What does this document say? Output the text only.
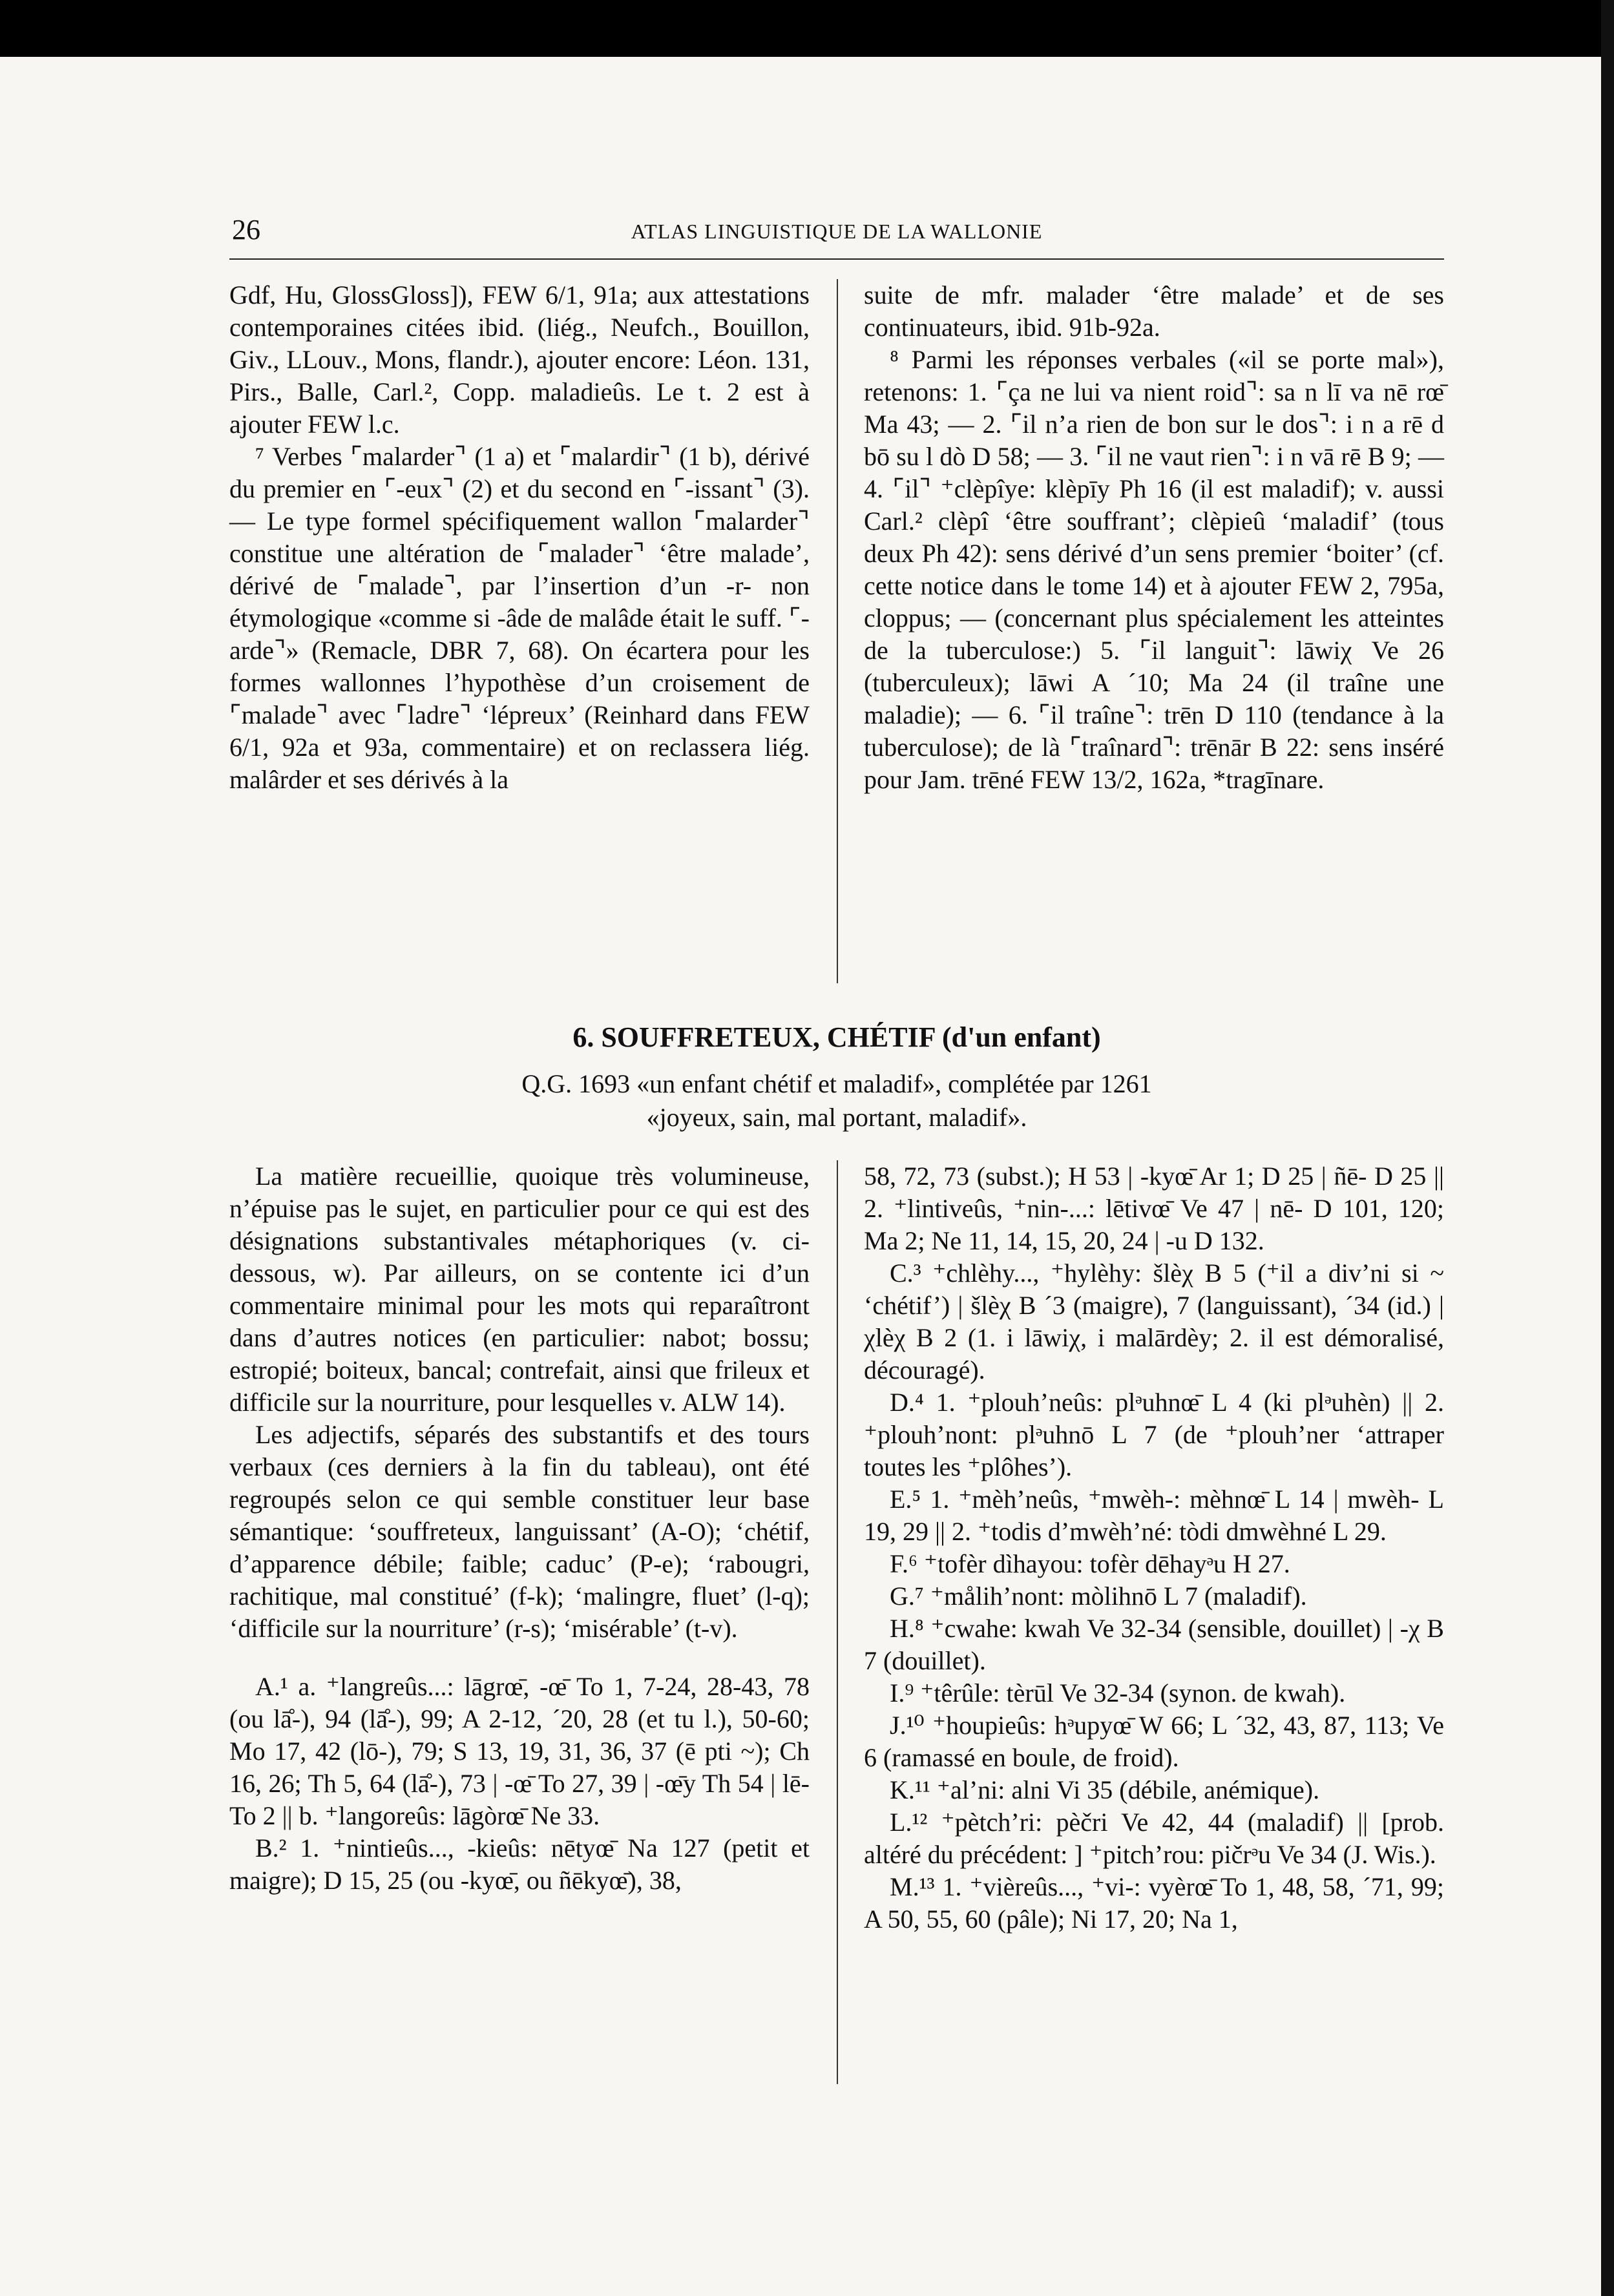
26	ATLAS LINGUISTIQUE DE LA WALLONIE

Gdf, Hu, GlossGloss]), FEW 6/1, 91a; aux attestations contemporaines citées ibid. (liég., Neufch., Bouillon, Giv., LLouv., Mons, flandr.), ajouter encore: Léon. 131, Pirs., Balle, Carl.², Copp. maladieûs. Le t. 2 est à ajouter FEW l.c.

⁷ Verbes ⌜malarder⌝ (1 a) et ⌜malardir⌝ (1 b), dérivé du premier en ⌜-eux⌝ (2) et du second en ⌜-issant⌝ (3). — Le type formel spécifiquement wallon ⌜malarder⌝ constitue une altération de ⌜malader⌝ ‘être malade’, dérivé de ⌜malade⌝, par l’insertion d’un -r- non étymologique «comme si -âde de malâde était le suff. ⌜-arde⌝» (Remacle, DBR 7, 68). On écartera pour les formes wallonnes l’hypothèse d’un croisement de ⌜malade⌝ avec ⌜ladre⌝ ‘lépreux’ (Reinhard dans FEW 6/1, 92a et 93a, commentaire) et on reclassera liég. malârder et ses dérivés à la

suite de mfr. malader ‘être malade’ et de ses continuateurs, ibid. 91b-92a.

⁸ Parmi les réponses verbales («il se porte mal»), retenons: 1. ⌜ça ne lui va nient roid⌝: sa n lī va nē rœ̄ Ma 43; — 2. ⌜il n’a rien de bon sur le dos⌝: i n a rē d bō su l dò D 58; — 3. ⌜il ne vaut rien⌝: i n vā rē B 9; — 4. ⌜il⌝ ⁺clèpîye: klèpīy Ph 16 (il est maladif); v. aussi Carl.² clèpî ‘être souffrant’; clèpieû ‘maladif’ (tous deux Ph 42): sens dérivé d’un sens premier ‘boiter’ (cf. cette notice dans le tome 14) et à ajouter FEW 2, 795a, cloppus; — (concernant plus spécialement les atteintes de la tuberculose:) 5. ⌜il languit⌝: lāwiχ Ve 26 (tuberculeux); lāwi A ´10; Ma 24 (il traîne une maladie); — 6. ⌜il traîne⌝: trēn D 110 (tendance à la tuberculose); de là ⌜traînard⌝: trēnār B 22: sens inséré pour Jam. trēné FEW 13/2, 162a, *tragīnare.

6. SOUFFRETEUX, CHÉTIF (d'un enfant)
Q.G. 1693 «un enfant chétif et maladif», complétée par 1261
«joyeux, sain, mal portant, maladif».

La matière recueillie, quoique très volumineuse, n’épuise pas le sujet, en particulier pour ce qui est des désignations substantivales métaphoriques (v. ci-dessous, w). Par ailleurs, on se contente ici d’un commentaire minimal pour les mots qui reparaîtront dans d’autres notices (en particulier: nabot; bossu; estropié; boiteux, bancal; contrefait, ainsi que frileux et difficile sur la nourriture, pour lesquelles v. ALW 14).

Les adjectifs, séparés des substantifs et des tours verbaux (ces derniers à la fin du tableau), ont été regroupés selon ce qui semble constituer leur base sémantique: ‘souffreteux, languissant’ (A-O); ‘chétif, d’apparence débile; faible; caduc’ (P-e); ‘rabougri, rachitique, mal constitué’ (f-k); ‘malingre, fluet’ (l-q); ‘difficile sur la nourriture’ (r-s); ‘misérable’ (t-v).

A.¹ a. ⁺langreûs...: lāgrœ̄, -œ̄ To 1, 7-24, 28-43, 78 (ou lā̊-), 94 (lā̊-), 99; A 2-12, ´20, 28 (et tu l.), 50-60; Mo 17, 42 (lō-), 79; S 13, 19, 31, 36, 37 (ē pti ~); Ch 16, 26; Th 5, 64 (lā̊-), 73 | -œ̄ To 27, 39 | -œ̄y Th 54 | lē- To 2 || b. ⁺langoreûs: lāgòrœ̄ Ne 33.

B.² 1. ⁺nintieûs..., -kieûs: nētyœ̄ Na 127 (petit et maigre); D 15, 25 (ou -kyœ̄, ou ñēkyœ̄), 38,

58, 72, 73 (subst.); H 53 | -kyœ̄ Ar 1; D 25 | ñē- D 25 || 2. ⁺lintiveûs, ⁺nin-...: lētivœ̄ Ve 47 | nē- D 101, 120; Ma 2; Ne 11, 14, 15, 20, 24 | -u D 132.

C.³ ⁺chlèhy..., ⁺hylèhy: šlèχ B 5 (⁺il a div’ni si ~ ‘chétif’) | šlèχ B ´3 (maigre), 7 (languissant), ´34 (id.) | χlèχ B 2 (1. i lāwiχ, i malārdèy; 2. il est démoralisé, découragé).

D.⁴ 1. ⁺plouh’neûs: plᵊuhnœ̄ L 4 (ki plᵊuhèn) || 2. ⁺plouh’nont: plᵊuhnō L 7 (de ⁺plouh’ner ‘attraper toutes les ⁺plôhes’).

E.⁵ 1. ⁺mèh’neûs, ⁺mwèh-: mèhnœ̄ L 14 | mwèh- L 19, 29 || 2. ⁺todis d’mwèh’né: tòdi dmwèhné L 29.

F.⁶ ⁺tofèr dìhayou: tofèr dēhayᵊu H 27.

G.⁷ ⁺målih’nont: mòlihnō L 7 (maladif).

H.⁸ ⁺cwahe: kwah Ve 32-34 (sensible, douillet) | -χ B 7 (douillet).

I.⁹ ⁺têrûle: tèrūl Ve 32-34 (synon. de kwah).

J.¹⁰ ⁺houpieûs: hᵊupyœ̄ W 66; L ´32, 43, 87, 113; Ve 6 (ramassé en boule, de froid).

K.¹¹ ⁺al’ni: alni Vi 35 (débile, anémique).

L.¹² ⁺pètch’ri: pèčri Ve 42, 44 (maladif) || [prob. altéré du précédent: ] ⁺pitch’rou: pičrᵊu Ve 34 (J. Wis.).

M.¹³ 1. ⁺vièreûs..., ⁺vi-: vyèrœ̄ To 1, 48, 58, ´71, 99; A 50, 55, 60 (pâle); Ni 17, 20; Na 1,
